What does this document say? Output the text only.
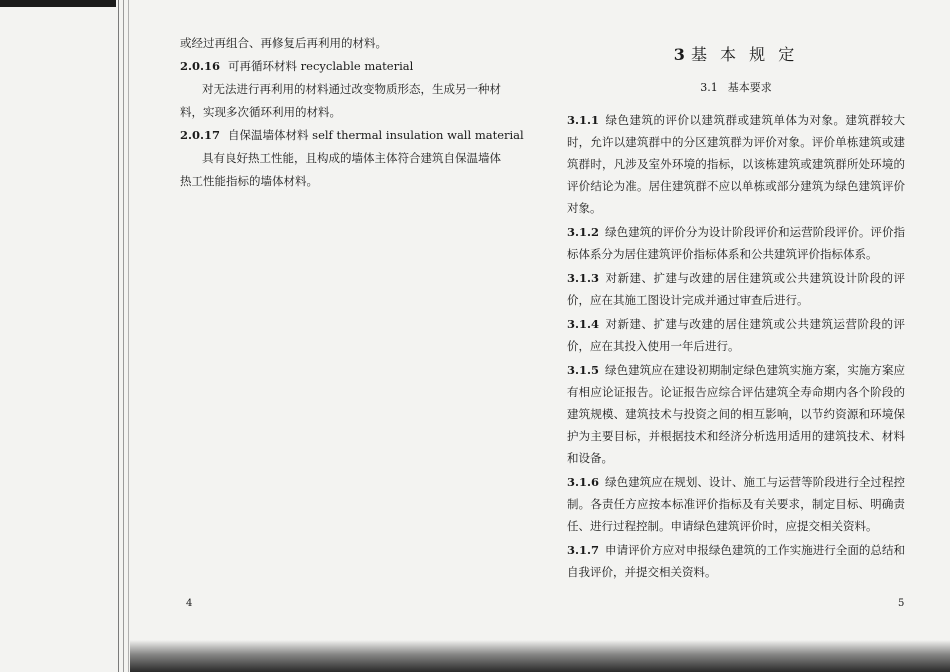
或经过再组合、再修复后再利用的材料。
2.0.16 可再循环材料 recyclable material
对无法进行再利用的材料通过改变物质形态，生成另一种材
料，实现多次循环利用的材料。
2.0.17 自保温墙体材料 self thermal insulation wall material
具有良好热工性能，且构成的墙体主体符合建筑自保温墙体
热工性能指标的墙体材料。
4
3 基 本 规 定
3.1 基本要求
3.1.1 绿色建筑的评价以建筑群或建筑单体为对象。建筑群较大时，允许以建筑群中的分区建筑群为评价对象。评价单栋建筑或建筑群时，凡涉及室外环境的指标，以该栋建筑或建筑群所处环境的评价结论为准。居住建筑群不应以单栋或部分建筑为绿色建筑评价对象。
3.1.2 绿色建筑的评价分为设计阶段评价和运营阶段评价。评价指标体系分为居住建筑评价指标体系和公共建筑评价指标体系。
3.1.3 对新建、扩建与改建的居住建筑或公共建筑设计阶段的评价，应在其施工图设计完成并通过审查后进行。
3.1.4 对新建、扩建与改建的居住建筑或公共建筑运营阶段的评价，应在其投入使用一年后进行。
3.1.5 绿色建筑应在建设初期制定绿色建筑实施方案，实施方案应有相应论证报告。论证报告应综合评估建筑全寿命期内各个阶段的建筑规模、建筑技术与投资之间的相互影响，以节约资源和环境保护为主要目标，并根据技术和经济分析选用适用的建筑技术、材料和设备。
3.1.6 绿色建筑应在规划、设计、施工与运营等阶段进行全过程控制。各责任方应按本标准评价指标及有关要求，制定目标、明确责任、进行过程控制。申请绿色建筑评价时，应提交相关资料。
3.1.7 申请评价方应对申报绿色建筑的工作实施进行全面的总结和自我评价，并提交相关资料。
5
